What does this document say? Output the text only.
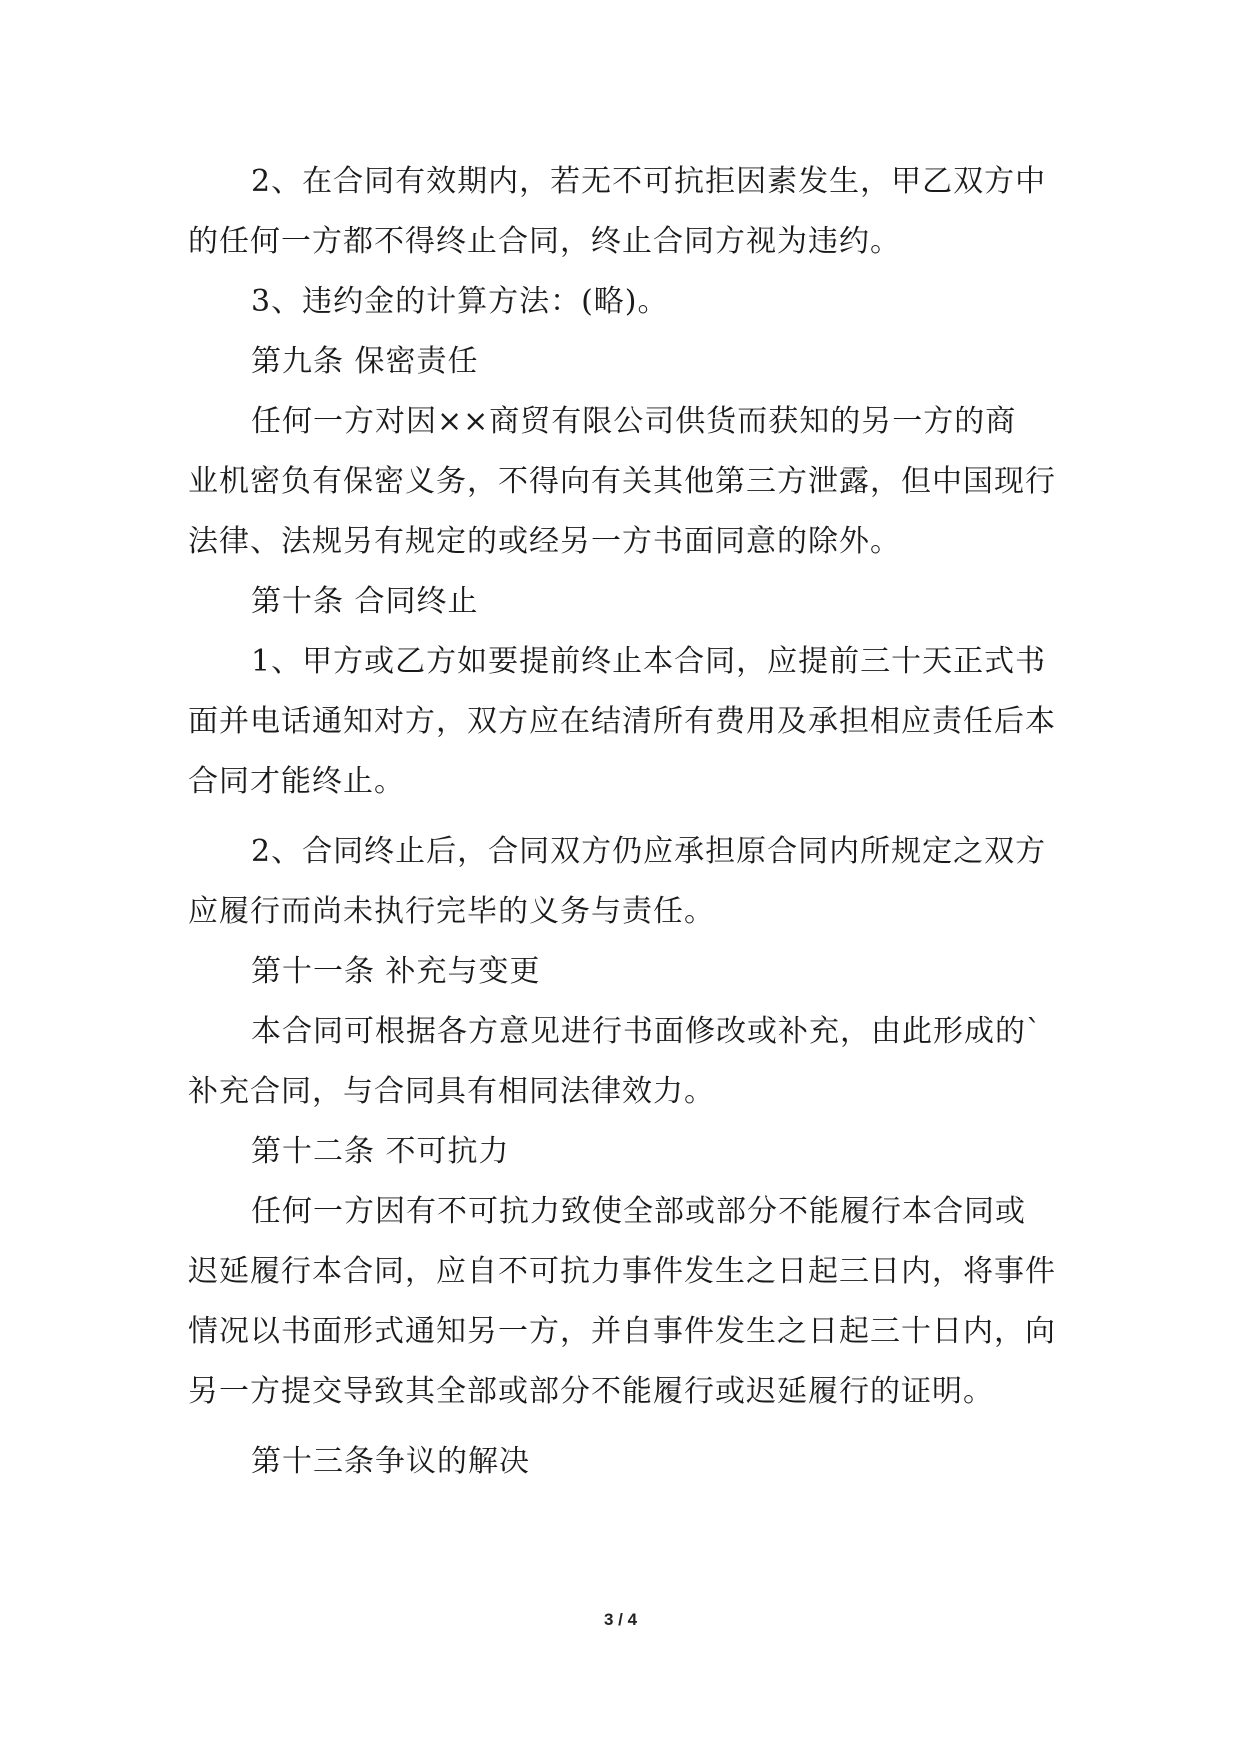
2、在合同有效期内，若无不可抗拒因素发生，甲乙双方中
的任何一方都不得终止合同，终止合同方视为违约。

3、违约金的计算方法：(略)。

第九条 保密责任

任何一方对因××商贸有限公司供货而获知的另一方的商
业机密负有保密义务，不得向有关其他第三方泄露，但中国现行
法律、法规另有规定的或经另一方书面同意的除外。

第十条 合同终止

1、甲方或乙方如要提前终止本合同，应提前三十天正式书
面并电话通知对方，双方应在结清所有费用及承担相应责任后本
合同才能终止。

2、合同终止后，合同双方仍应承担原合同内所规定之双方
应履行而尚未执行完毕的义务与责任。

第十一条 补充与变更

本合同可根据各方意见进行书面修改或补充，由此形成的`
补充合同，与合同具有相同法律效力。

第十二条 不可抗力

任何一方因有不可抗力致使全部或部分不能履行本合同或
迟延履行本合同，应自不可抗力事件发生之日起三日内，将事件
情况以书面形式通知另一方，并自事件发生之日起三十日内，向
另一方提交导致其全部或部分不能履行或迟延履行的证明。

第十三条争议的解决

3 / 4
